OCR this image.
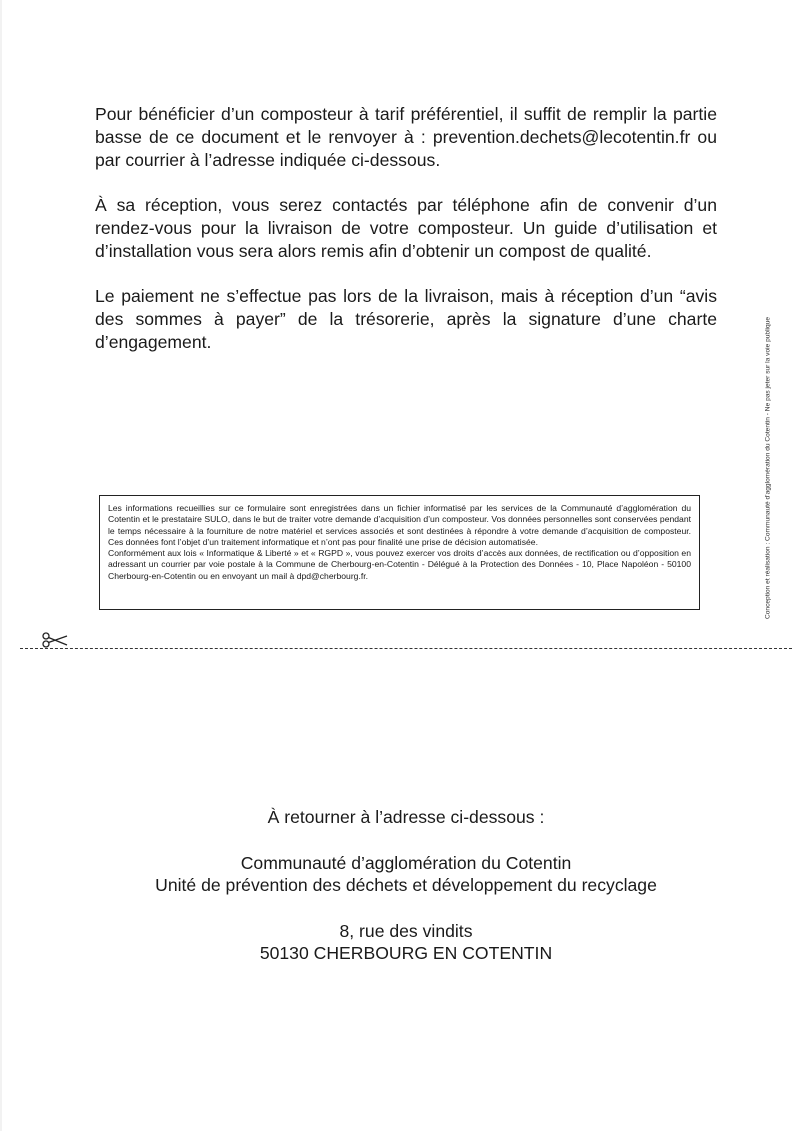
Pour bénéficier d’un composteur à tarif préférentiel, il suffit de remplir la partie basse de ce document et le renvoyer à : prevention.dechets@lecotentin.fr ou par courrier à l’adresse indiquée ci-dessous.

À sa réception, vous serez contactés par téléphone afin de convenir d’un rendez-vous pour la livraison de votre composteur. Un guide d’utilisation et d’installation vous sera alors remis afin d’obtenir un compost de qualité.

Le paiement ne s’effectue pas lors de la livraison, mais à réception d’un “avis des sommes à payer” de la trésorerie, après la signature d’une charte d’engagement.	Conception et réalisation : Communauté d’agglomération du Cotentin - Ne pas jeter sur la voie publique

Les informations recueillies sur ce formulaire sont enregistrées dans un fichier informatisé par les services de la Communauté d’agglomération du Cotentin et le prestataire SULO, dans le but de traiter votre demande d’acquisition d’un composteur. Vos données personnelles sont conservées pendant le temps nécessaire à la fourniture de notre matériel et services associés et sont destinées à répondre à votre demande d’acquisition de composteur. Ces données font l’objet d’un traitement informatique et n’ont pas pour finalité une prise de décision automatisée.

Conformément aux lois « Informatique & Liberté » et « RGPD », vous pouvez exercer vos droits d’accès aux données, de rectification ou d’opposition en adressant un courrier par voie postale à la Commune de Cherbourg-en-Cotentin - Délégué à la Protection des Données - 10, Place Napoléon - 50100 Cherbourg-en-Cotentin ou en envoyant un mail à dpd@cherbourg.fr.

À retourner à l’adresse ci-dessous :
Communauté d’agglomération du Cotentin
Unité de prévention des déchets et développement du recyclage
8, rue des vindits
50130 CHERBOURG EN COTENTIN
